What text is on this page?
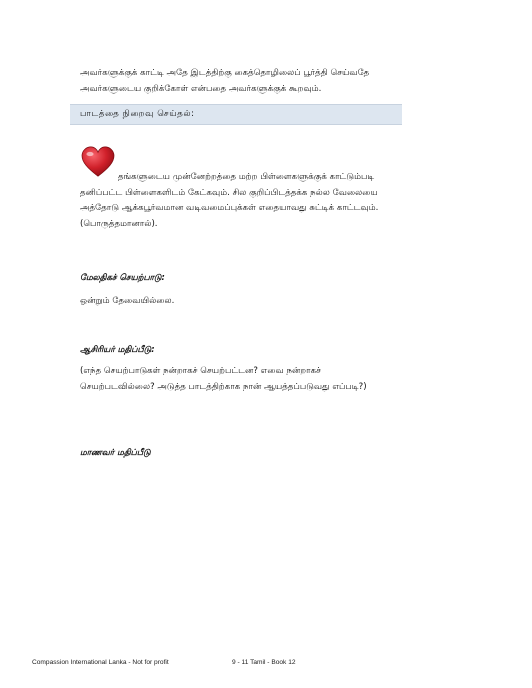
அவர்களுக்குக் காட்டி அதே இடத்திற்கு கைத்தொழிலைப் பூர்த்தி செய்வதே
அவர்களுடைய குறிக்கோள் என்பதை அவர்களுக்குக் கூறவும்.
பாடத்தை நிறைவு செய்தல்:
தங்களுடைய முன்னேற்றத்தை மற்ற பிள்ளைகளுக்குக் காட்டும்படி
தனிப்பட்ட பிள்ளைகளிடம் கேட்கவும். சில குறிப்பிடத்தக்க நல்ல வேலையை
அத்தோடு ஆக்கபூர்வமான வடிவமைப்புக்கள் எதையாவது சுட்டிக் காட்டவும்.
(பொருத்தமானால்).
மேலதிகச் செயற்பாடு:
ஒன்றும் தேவையில்லை.
ஆசிரியர் மதிப்பீடு:
(எந்த செயற்பாடுகள் நன்றாகச் செயற்பட்டன? எவை நன்றாகச்
செயற்படவில்லை? அடுத்த பாடத்திற்காக நான் ஆயத்தப்படுவது எப்படி?)
மாணவர் மதிப்பீடு
Compassion International Lanka - Not for profit	9 - 11 Tamil - Book 12
